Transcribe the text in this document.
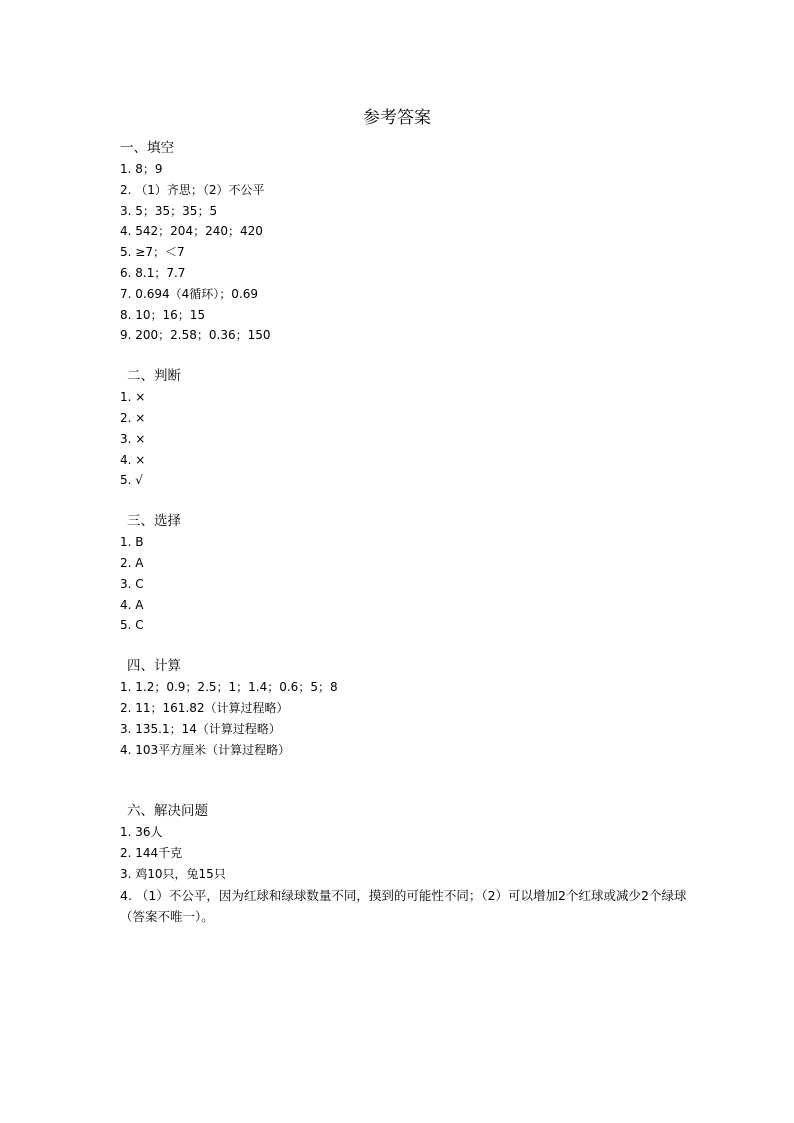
参考答案
一、填空
1. 8；9
2. （1）齐思；（2）不公平
3. 5；35；35；5
4. 542；204；240；420
5. ≥7；＜7
6. 8.1；7.7
7. 0.694（4循环）；0.69
8. 10；16；15
9. 200；2.58；0.36；150
二、判断
1. ×
2. ×
3. ×
4. ×
5. √
三、选择
1. B
2. A
3. C
4. A
5. C
四、计算
1. 1.2；0.9；2.5；1；1.4；0.6；5；8
2. 11；161.82（计算过程略）
3. 135.1；14（计算过程略）
4. 103平方厘米（计算过程略）
六、解决问题
1. 36人
2. 144千克
3. 鸡10只，兔15只
4. （1）不公平，因为红球和绿球数量不同，摸到的可能性不同；（2）可以增加2个红球或减少2个绿球（答案不唯一）。
